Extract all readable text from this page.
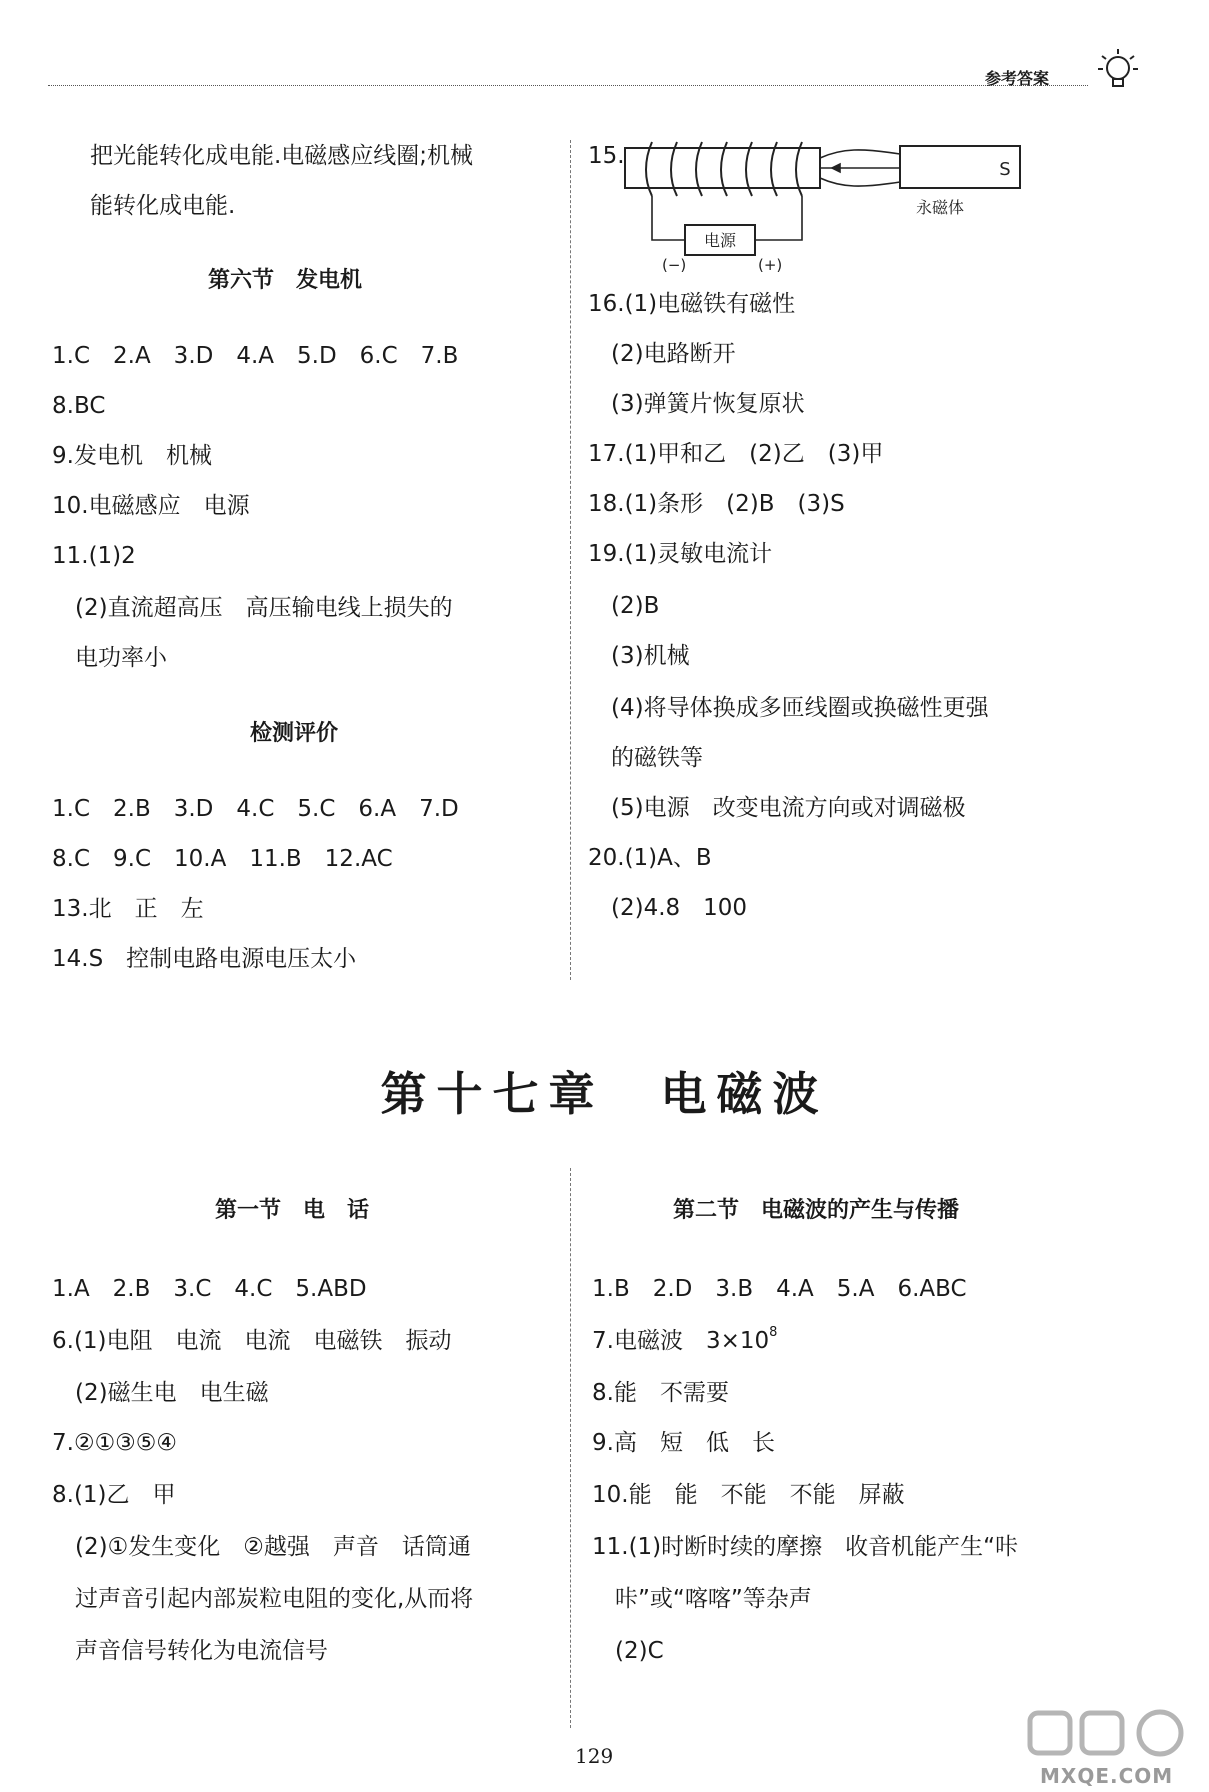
参考答案
把光能转化成电能.电磁感应线圈;机械
能转化成电能.
第六节　发电机
1.C　2.A　3.D　4.A　5.D　6.C　7.B
8.BC
9.发电机　机械
10.电磁感应　电源
11.(1)2
　(2)直流超高压　高压输电线上损失的
　电功率小
检测评价
1.C　2.B　3.D　4.C　5.C　6.A　7.D
8.C　9.C　10.A　11.B　12.AC
13.北　正　左
14.S　控制电路电源电压太小
15.
S
永磁体
电源
(−)	(+)
16.(1)电磁铁有磁性
　(2)电路断开
　(3)弹簧片恢复原状
17.(1)甲和乙　(2)乙　(3)甲
18.(1)条形　(2)B　(3)S
19.(1)灵敏电流计
　(2)B
　(3)机械
　(4)将导体换成多匝线圈或换磁性更强
　的磁铁等
　(5)电源　改变电流方向或对调磁极
20.(1)A、B
　(2)4.8　100
第十七章　电磁波
第一节　电　话
1.A　2.B　3.C　4.C　5.ABD
6.(1)电阻　电流　电流　电磁铁　振动
　(2)磁生电　电生磁
7.②①③⑤④
8.(1)乙　甲
　(2)①发生变化　②越强　声音　话筒通
　过声音引起内部炭粒电阻的变化,从而将
　声音信号转化为电流信号
第二节　电磁波的产生与传播
1.B　2.D　3.B　4.A　5.A　6.ABC
7.电磁波　$3\times 10^8$
8.能　不需要
9.高　短　低　长
10.能　能　不能　不能　屏蔽
11.(1)时断时续的摩擦　收音机能产生“咔
　咔”或“喀喀”等杂声
　(2)C
129
MXQE.COM
